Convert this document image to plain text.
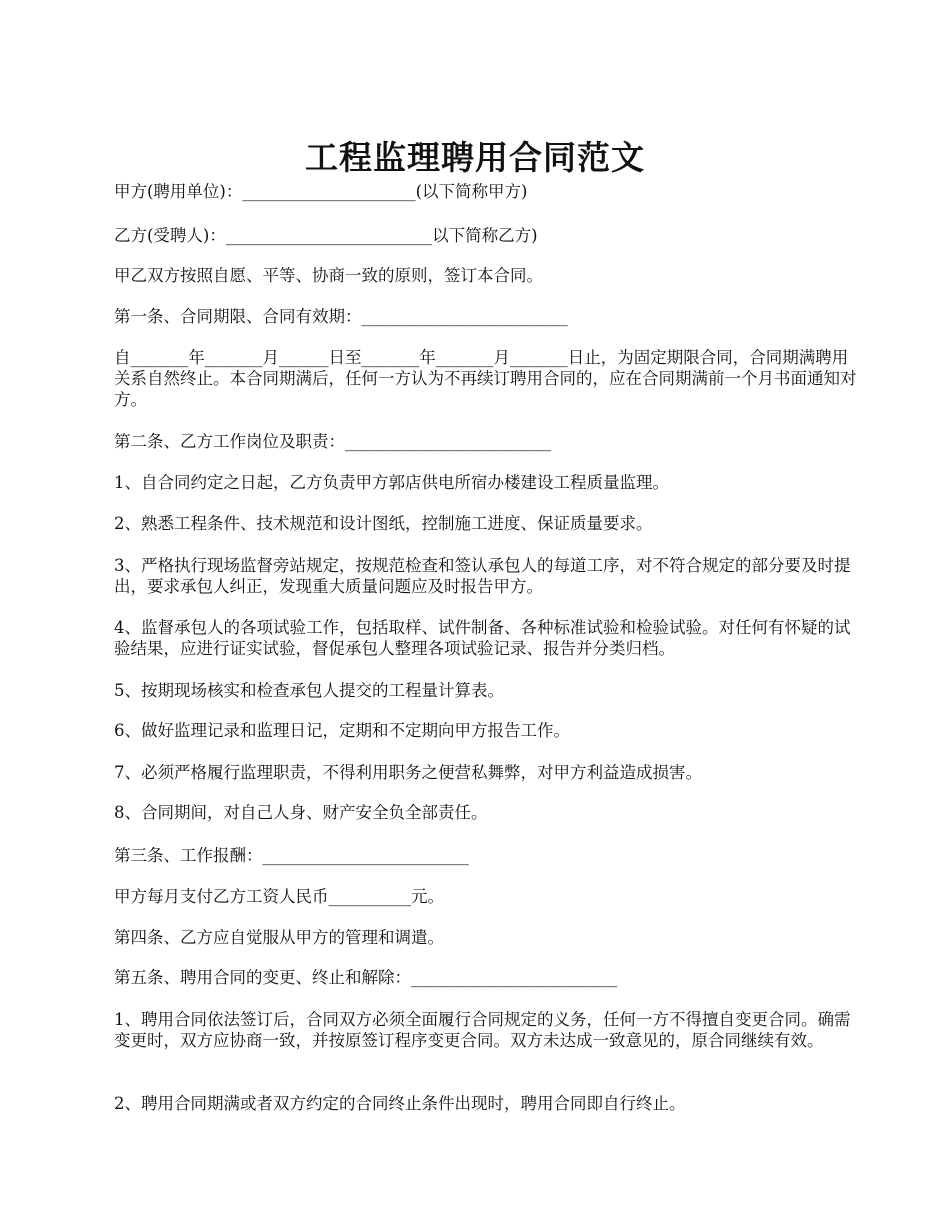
工程监理聘用合同范文

甲方(聘用单位)：_____________________(以下简称甲方)

乙方(受聘人)：_________________________以下简称乙方)

甲乙双方按照自愿、平等、协商一致的原则，签订本合同。

第一条、合同期限、合同有效期：_________________________

自_______年_______月______日至_______年_______月_______日止，为固定期限合同，合同期满聘用关系自然终止。本合同期满后，任何一方认为不再续订聘用合同的，应在合同期满前一个月书面通知对方。

第二条、乙方工作岗位及职责：_________________________

1、自合同约定之日起，乙方负责甲方郭店供电所宿办楼建设工程质量监理。

2、熟悉工程条件、技术规范和设计图纸，控制施工进度、保证质量要求。

3、严格执行现场监督旁站规定，按规范检查和签认承包人的每道工序，对不符合规定的部分要及时提出，要求承包人纠正，发现重大质量问题应及时报告甲方。

4、监督承包人的各项试验工作，包括取样、试件制备、各种标准试验和检验试验。对任何有怀疑的试验结果，应进行证实试验，督促承包人整理各项试验记录、报告并分类归档。

5、按期现场核实和检查承包人提交的工程量计算表。

6、做好监理记录和监理日记，定期和不定期向甲方报告工作。

7、必须严格履行监理职责，不得利用职务之便营私舞弊，对甲方利益造成损害。

8、合同期间，对自己人身、财产安全负全部责任。

第三条、工作报酬：_________________________

甲方每月支付乙方工资人民币__________元。

第四条、乙方应自觉服从甲方的管理和调遣。

第五条、聘用合同的变更、终止和解除：_________________________

1、聘用合同依法签订后，合同双方必须全面履行合同规定的义务，任何一方不得擅自变更合同。确需变更时，双方应协商一致，并按原签订程序变更合同。双方未达成一致意见的，原合同继续有效。

2、聘用合同期满或者双方约定的合同终止条件出现时，聘用合同即自行终止。
